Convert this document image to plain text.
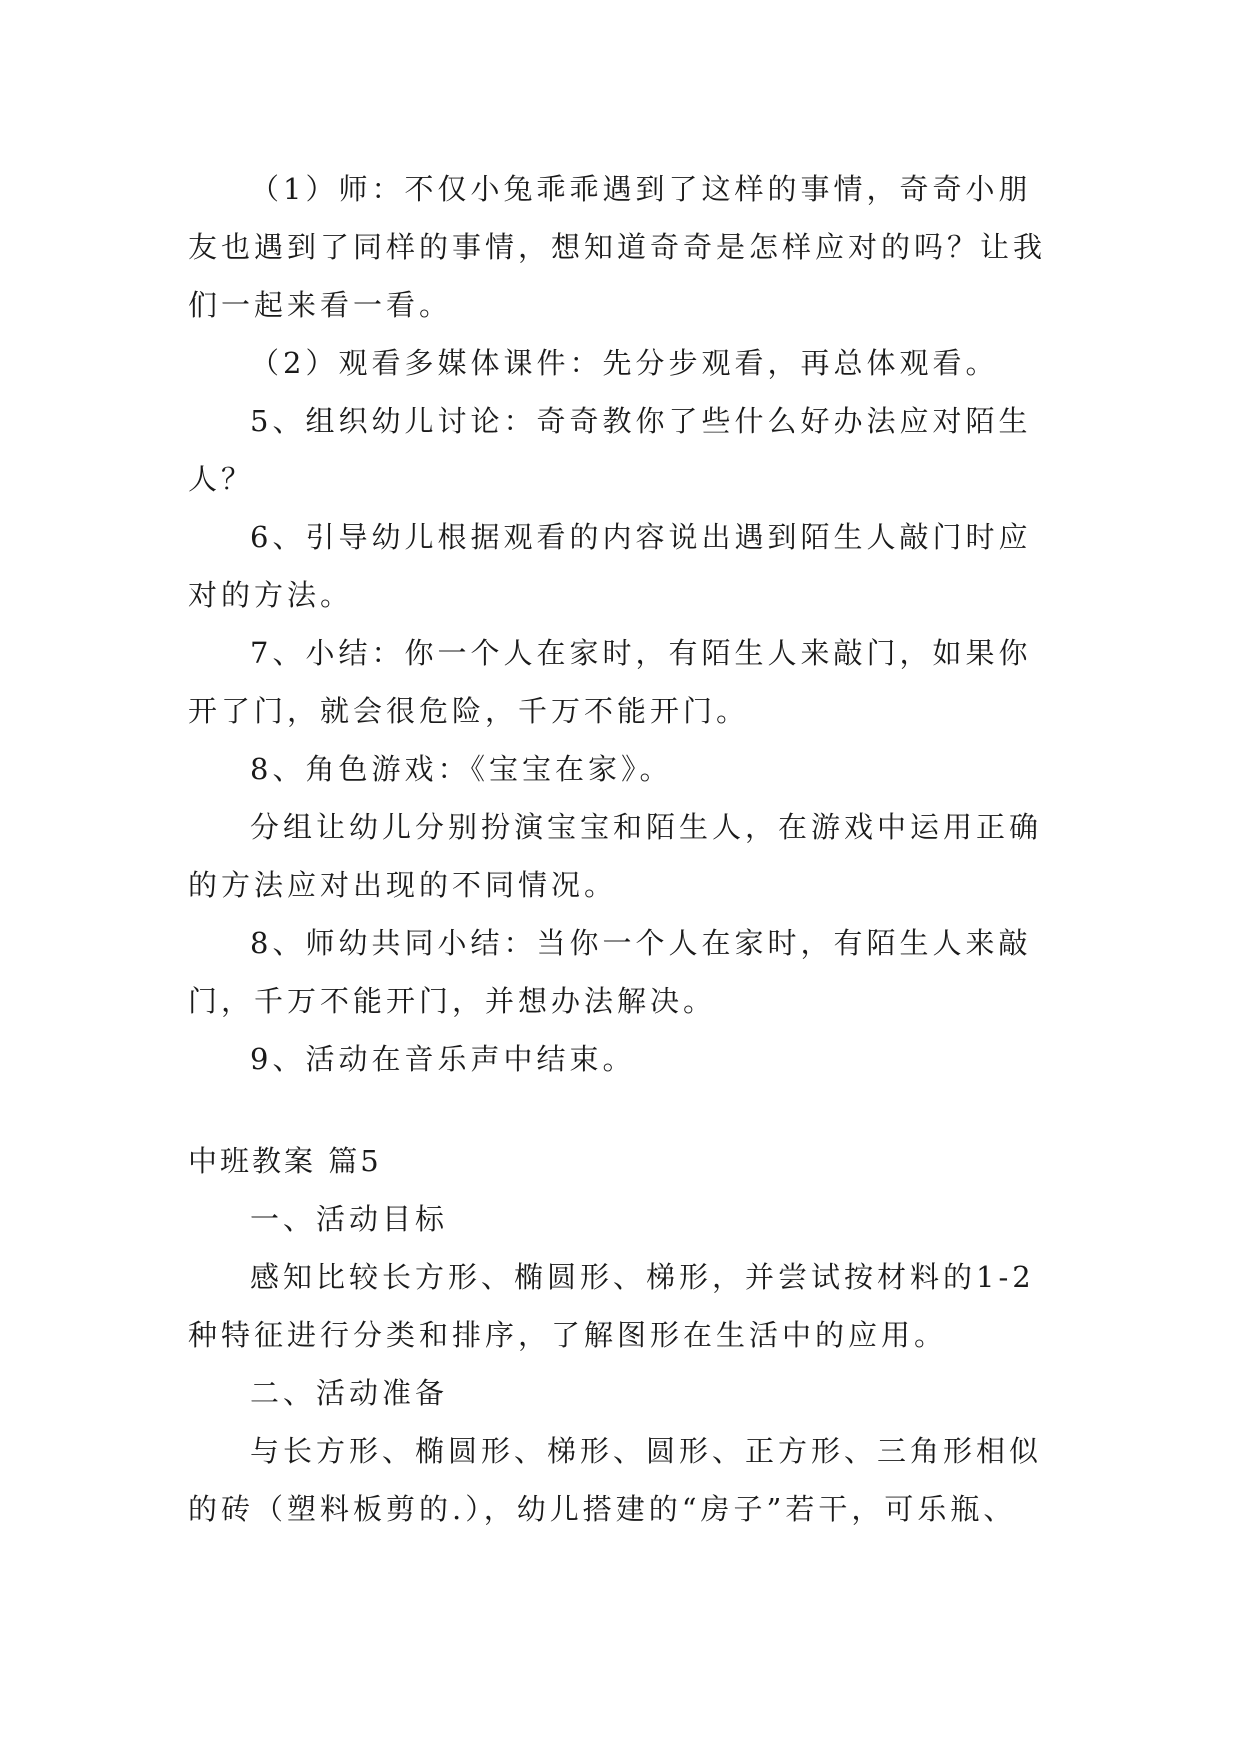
（1）师：不仅小兔乖乖遇到了这样的事情，奇奇小朋
友也遇到了同样的事情，想知道奇奇是怎样应对的吗？让我
们一起来看一看。

（2）观看多媒体课件：先分步观看，再总体观看。

5、组织幼儿讨论：奇奇教你了些什么好办法应对陌生
人？

6、引导幼儿根据观看的内容说出遇到陌生人敲门时应
对的方法。

7、小结：你一个人在家时，有陌生人来敲门，如果你
开了门，就会很危险，千万不能开门。

8、角色游戏：《宝宝在家》。

分组让幼儿分别扮演宝宝和陌生人，在游戏中运用正确
的方法应对出现的不同情况。

8、师幼共同小结：当你一个人在家时，有陌生人来敲
门，千万不能开门，并想办法解决。

9、活动在音乐声中结束。

中班教案 篇5

一、活动目标

感知比较长方形、椭圆形、梯形，并尝试按材料的1-2
种特征进行分类和排序，了解图形在生活中的应用。

二、活动准备

与长方形、椭圆形、梯形、圆形、正方形、三角形相似
的砖（塑料板剪的.），幼儿搭建的“房子”若干，可乐瓶、
